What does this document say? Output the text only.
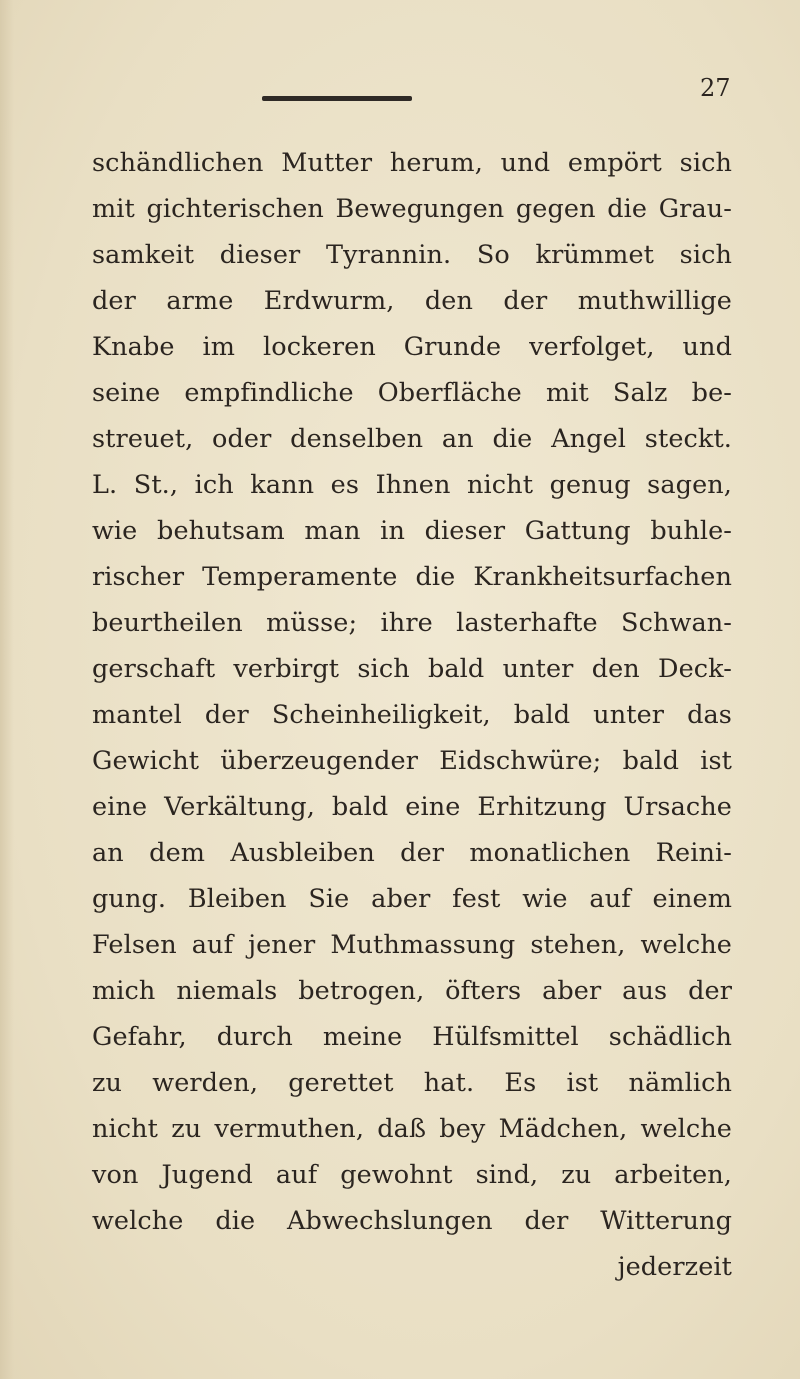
27
schändlichen Mutter herum, und empört sich
mit gichterischen Bewegungen gegen die Grau-
samkeit dieser Tyrannin. So krümmet sich
der arme Erdwurm, den der muthwillige
Knabe im lockeren Grunde verfolget, und
seine empfindliche Oberfläche mit Salz be-
streuet, oder denselben an die Angel steckt.
L. St., ich kann es Ihnen nicht genug sagen,
wie behutsam man in dieser Gattung buhle-
rischer Temperamente die Krankheitsurfachen
beurtheilen müsse; ihre lasterhafte Schwan-
gerschaft verbirgt sich bald unter den Deck-
mantel der Scheinheiligkeit, bald unter das
Gewicht überzeugender Eidschwüre; bald ist
eine Verkältung, bald eine Erhitzung Ursache
an dem Ausbleiben der monatlichen Reini-
gung. Bleiben Sie aber fest wie auf einem
Felsen auf jener Muthmassung stehen, welche
mich niemals betrogen, öfters aber aus der
Gefahr, durch meine Hülfsmittel schädlich
zu werden, gerettet hat. Es ist nämlich
nicht zu vermuthen, daß bey Mädchen, welche
von Jugend auf gewohnt sind, zu arbeiten,
welche die Abwechslungen der Witterung
jederzeit
